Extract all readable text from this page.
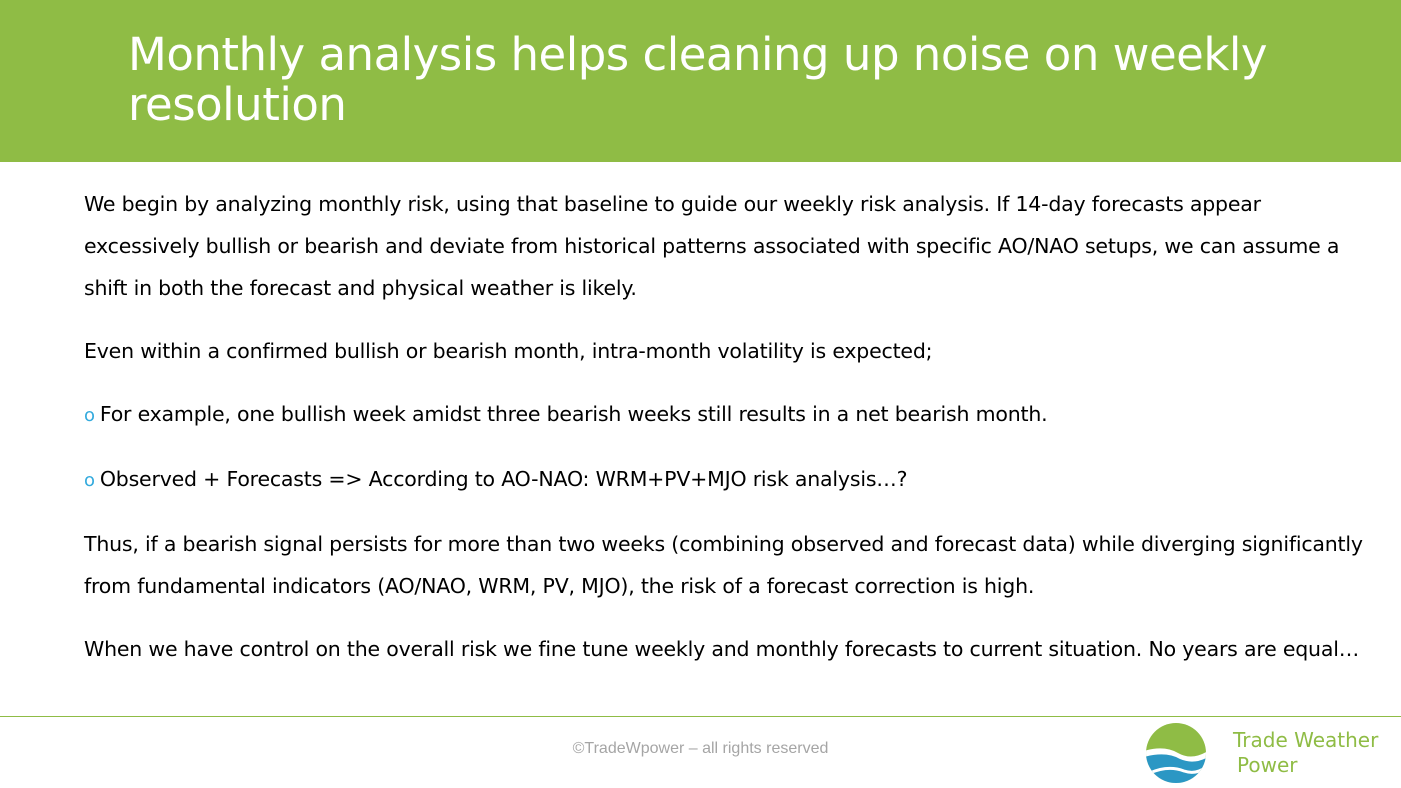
Monthly analysis helps cleaning up noise on weekly resolution

We begin by analyzing monthly risk, using that baseline to guide our weekly risk analysis. If 14-day forecasts appear excessively bullish or bearish and deviate from historical patterns associated with specific AO/NAO setups, we can assume a shift in both the forecast and physical weather is likely.

Even within a confirmed bullish or bearish month, intra-month volatility is expected;

o For example, one bullish week amidst three bearish weeks still results in a net bearish month.

o Observed + Forecasts => According to AO-NAO: WRM+PV+MJO risk analysis…?

Thus, if a bearish signal persists for more than two weeks (combining observed and forecast data) while diverging significantly from fundamental indicators (AO/NAO, WRM, PV, MJO), the risk of a forecast correction is high.

When we have control on the overall risk we fine tune weekly and monthly forecasts to current situation. No years are equal…

©TradeWpower – all rights reserved	Trade Weather
Power
